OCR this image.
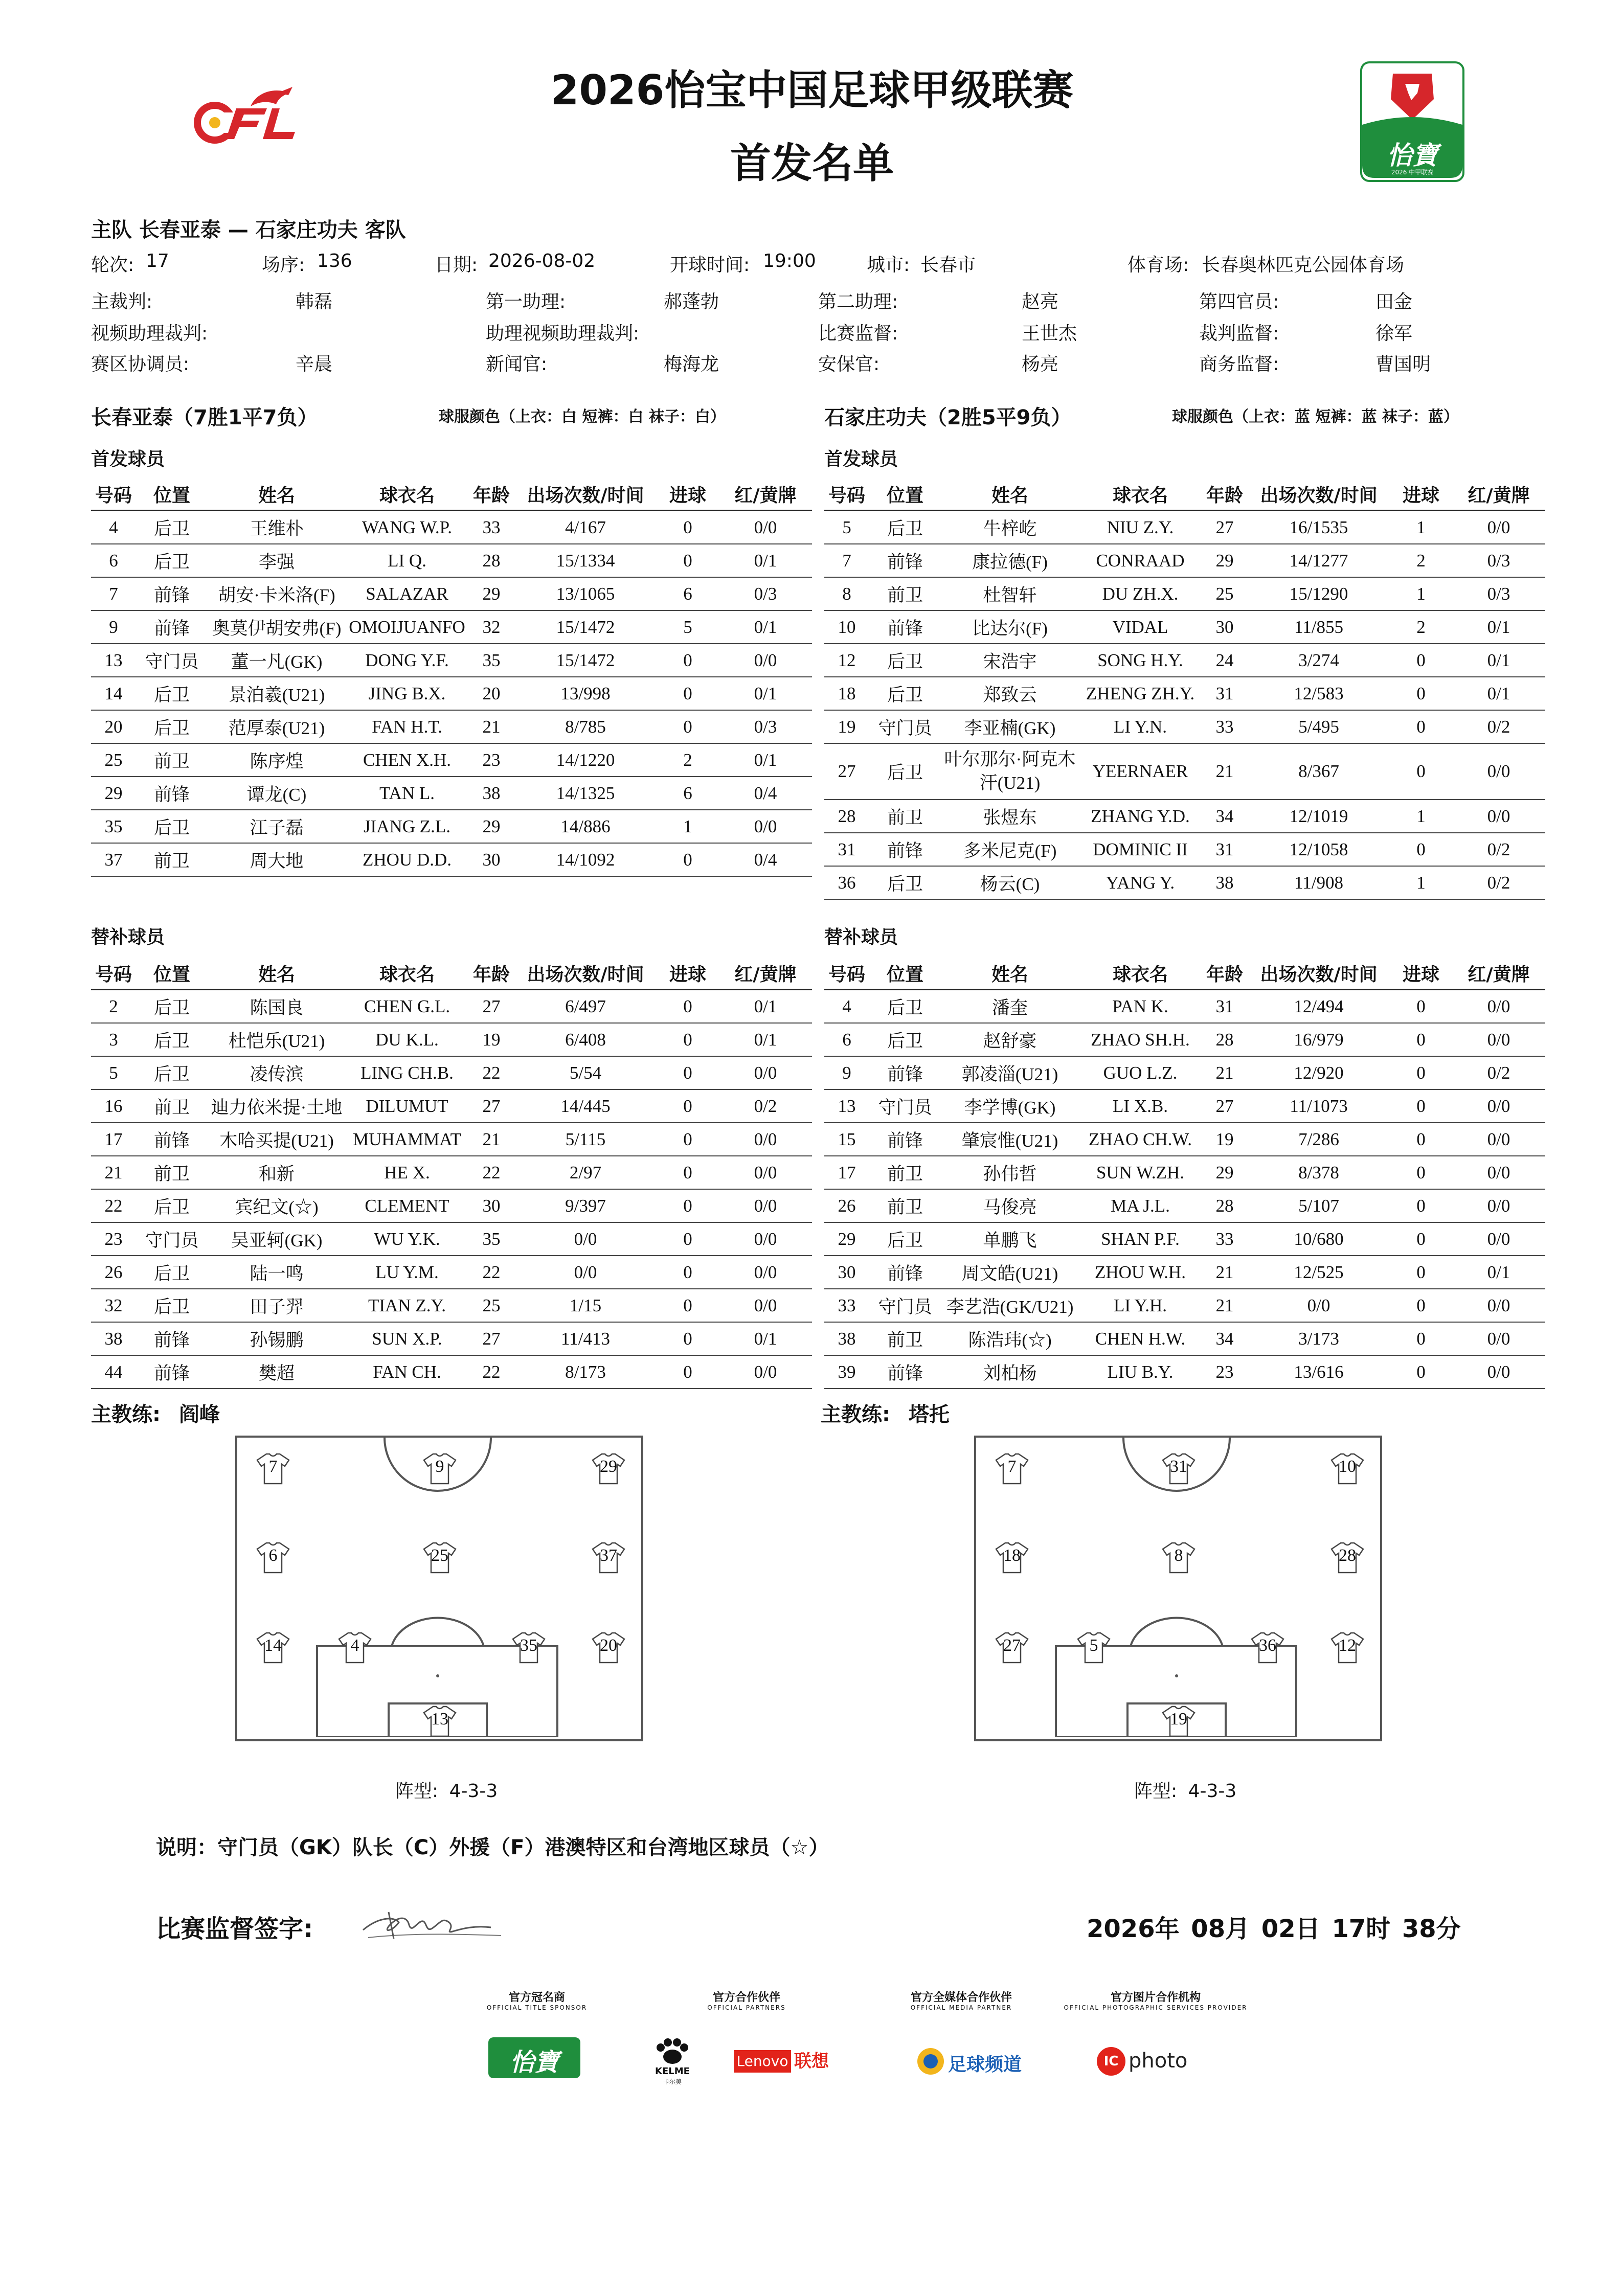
2026怡宝中国足球甲级联赛
首发名单	怡寶
2026 中甲联赛
主队 长春亚泰 — 石家庄功夫 客队
轮次: 17	场序: 136	日期: 2026-08-02	开球时间: 19:00	城市: 长春市	体育场: 长春奥林匹克公园体育场
主裁判:	韩磊	第一助理:	郝蓬勃	第二助理:	赵亮	第四官员:	田金
视频助理裁判:	助理视频助理裁判:	比赛监督:	王世杰	裁判监督:	徐军
赛区协调员:	辛晨	新闻官:	梅海龙	安保官:	杨亮	商务监督:	曹国明
长春亚泰（7胜1平7负）	球服颜色（上衣：白 短裤：白 袜子：白）	石家庄功夫（2胜5平9负）	球服颜色（上衣：蓝 短裤：蓝 袜子：蓝）
首发球员	首发球员
号码	位置	姓名	球衣名	年龄	出场次数/时间	进球	红/黄牌
4	后卫	王维朴	WANG W.P.	33	4/167	0	0/0
6	后卫	李强	LI Q.	28	15/1334	0	0/1
7	前锋	胡安·卡米洛(F)	SALAZAR	29	13/1065	6	0/3
9	前锋	奥莫伊胡安弗(F)	OMOIJUANFO	32	15/1472	5	0/1
13	守门员	董一凡(GK)	DONG Y.F.	35	15/1472	0	0/0
14	后卫	景泊羲(U21)	JING B.X.	20	13/998	0	0/1
20	后卫	范厚泰(U21)	FAN H.T.	21	8/785	0	0/3
25	前卫	陈序煌	CHEN X.H.	23	14/1220	2	0/1
29	前锋	谭龙(C)	TAN L.	38	14/1325	6	0/4
35	后卫	江子磊	JIANG Z.L.	29	14/886	1	0/0
37	前卫	周大地	ZHOU D.D.	30	14/1092	0	0/4
号码	位置	姓名	球衣名	年龄	出场次数/时间	进球	红/黄牌
5	后卫	牛梓屹	NIU Z.Y.	27	16/1535	1	0/0
7	前锋	康拉德(F)	CONRAAD	29	14/1277	2	0/3
8	前卫	杜智轩	DU ZH.X.	25	15/1290	1	0/3
10	前锋	比达尔(F)	VIDAL	30	11/855	2	0/1
12	后卫	宋浩宇	SONG H.Y.	24	3/274	0	0/1
18	后卫	郑致云	ZHENG ZH.Y.	31	12/583	0	0/1
19	守门员	李亚楠(GK)	LI Y.N.	33	5/495	0	0/2
27	后卫	叶尔那尔·阿克木汗(U21)	YEERNAER	21	8/367	0	0/0
28	前卫	张煜东	ZHANG Y.D.	34	12/1019	1	0/0
31	前锋	多米尼克(F)	DOMINIC II	31	12/1058	0	0/2
36	后卫	杨云(C)	YANG Y.	38	11/908	1	0/2
替补球员	替补球员
号码	位置	姓名	球衣名	年龄	出场次数/时间	进球	红/黄牌
2	后卫	陈国良	CHEN G.L.	27	6/497	0	0/1
3	后卫	杜恺乐(U21)	DU K.L.	19	6/408	0	0/1
5	后卫	凌传滨	LING CH.B.	22	5/54	0	0/0
16	前卫	迪力依米提·土地	DILUMUT	27	14/445	0	0/2
17	前锋	木哈买提(U21)	MUHAMMAT	21	5/115	0	0/0
21	前卫	和新	HE X.	22	2/97	0	0/0
22	后卫	宾纪文(☆)	CLEMENT	30	9/397	0	0/0
23	守门员	吴亚轲(GK)	WU Y.K.	35	0/0	0	0/0
26	后卫	陆一鸣	LU Y.M.	22	0/0	0	0/0
32	后卫	田子羿	TIAN Z.Y.	25	1/15	0	0/0
38	前锋	孙锡鹏	SUN X.P.	27	11/413	0	0/1
44	前锋	樊超	FAN CH.	22	8/173	0	0/0
号码	位置	姓名	球衣名	年龄	出场次数/时间	进球	红/黄牌
4	后卫	潘奎	PAN K.	31	12/494	0	0/0
6	后卫	赵舒豪	ZHAO SH.H.	28	16/979	0	0/0
9	前锋	郭凌淄(U21)	GUO L.Z.	21	12/920	0	0/2
13	守门员	李学博(GK)	LI X.B.	27	11/1073	0	0/0
15	前锋	肇宸惟(U21)	ZHAO CH.W.	19	7/286	0	0/0
17	前卫	孙伟哲	SUN W.ZH.	29	8/378	0	0/0
26	前卫	马俊亮	MA J.L.	28	5/107	0	0/0
29	后卫	单鹏飞	SHAN P.F.	33	10/680	0	0/0
30	前锋	周文皓(U21)	ZHOU W.H.	21	12/525	0	0/1
33	守门员	李艺浩(GK/U21)	LI Y.H.	21	0/0	0	0/0
38	前卫	陈浩玮(☆)	CHEN H.W.	34	3/173	0	0/0
39	前锋	刘柏杨	LIU B.Y.	23	13/616	0	0/0
主教练: 阎峰	主教练: 塔托
7	9	29
6	25	37
14	4	35	20
13
7	31	10
18	8	28
27	5	36	12
19
阵型: 4-3-3	阵型: 4-3-3
说明：守门员（GK）队长（C）外援（F）港澳特区和台湾地区球员（☆）
比赛监督签字:	2026年 08月 02日 17时 38分
官方冠名商
OFFICIAL TITLE SPONSOR
官方合作伙伴
OFFICIAL PARTNERS
官方全媒体合作伙伴
OFFICIAL MEDIA PARTNER
官方图片合作机构
OFFICIAL PHOTOGRAPHIC SERVICES PROVIDER
怡寶	KELME
卡尔美
Lenovo 联想	足球频道	IC photo
